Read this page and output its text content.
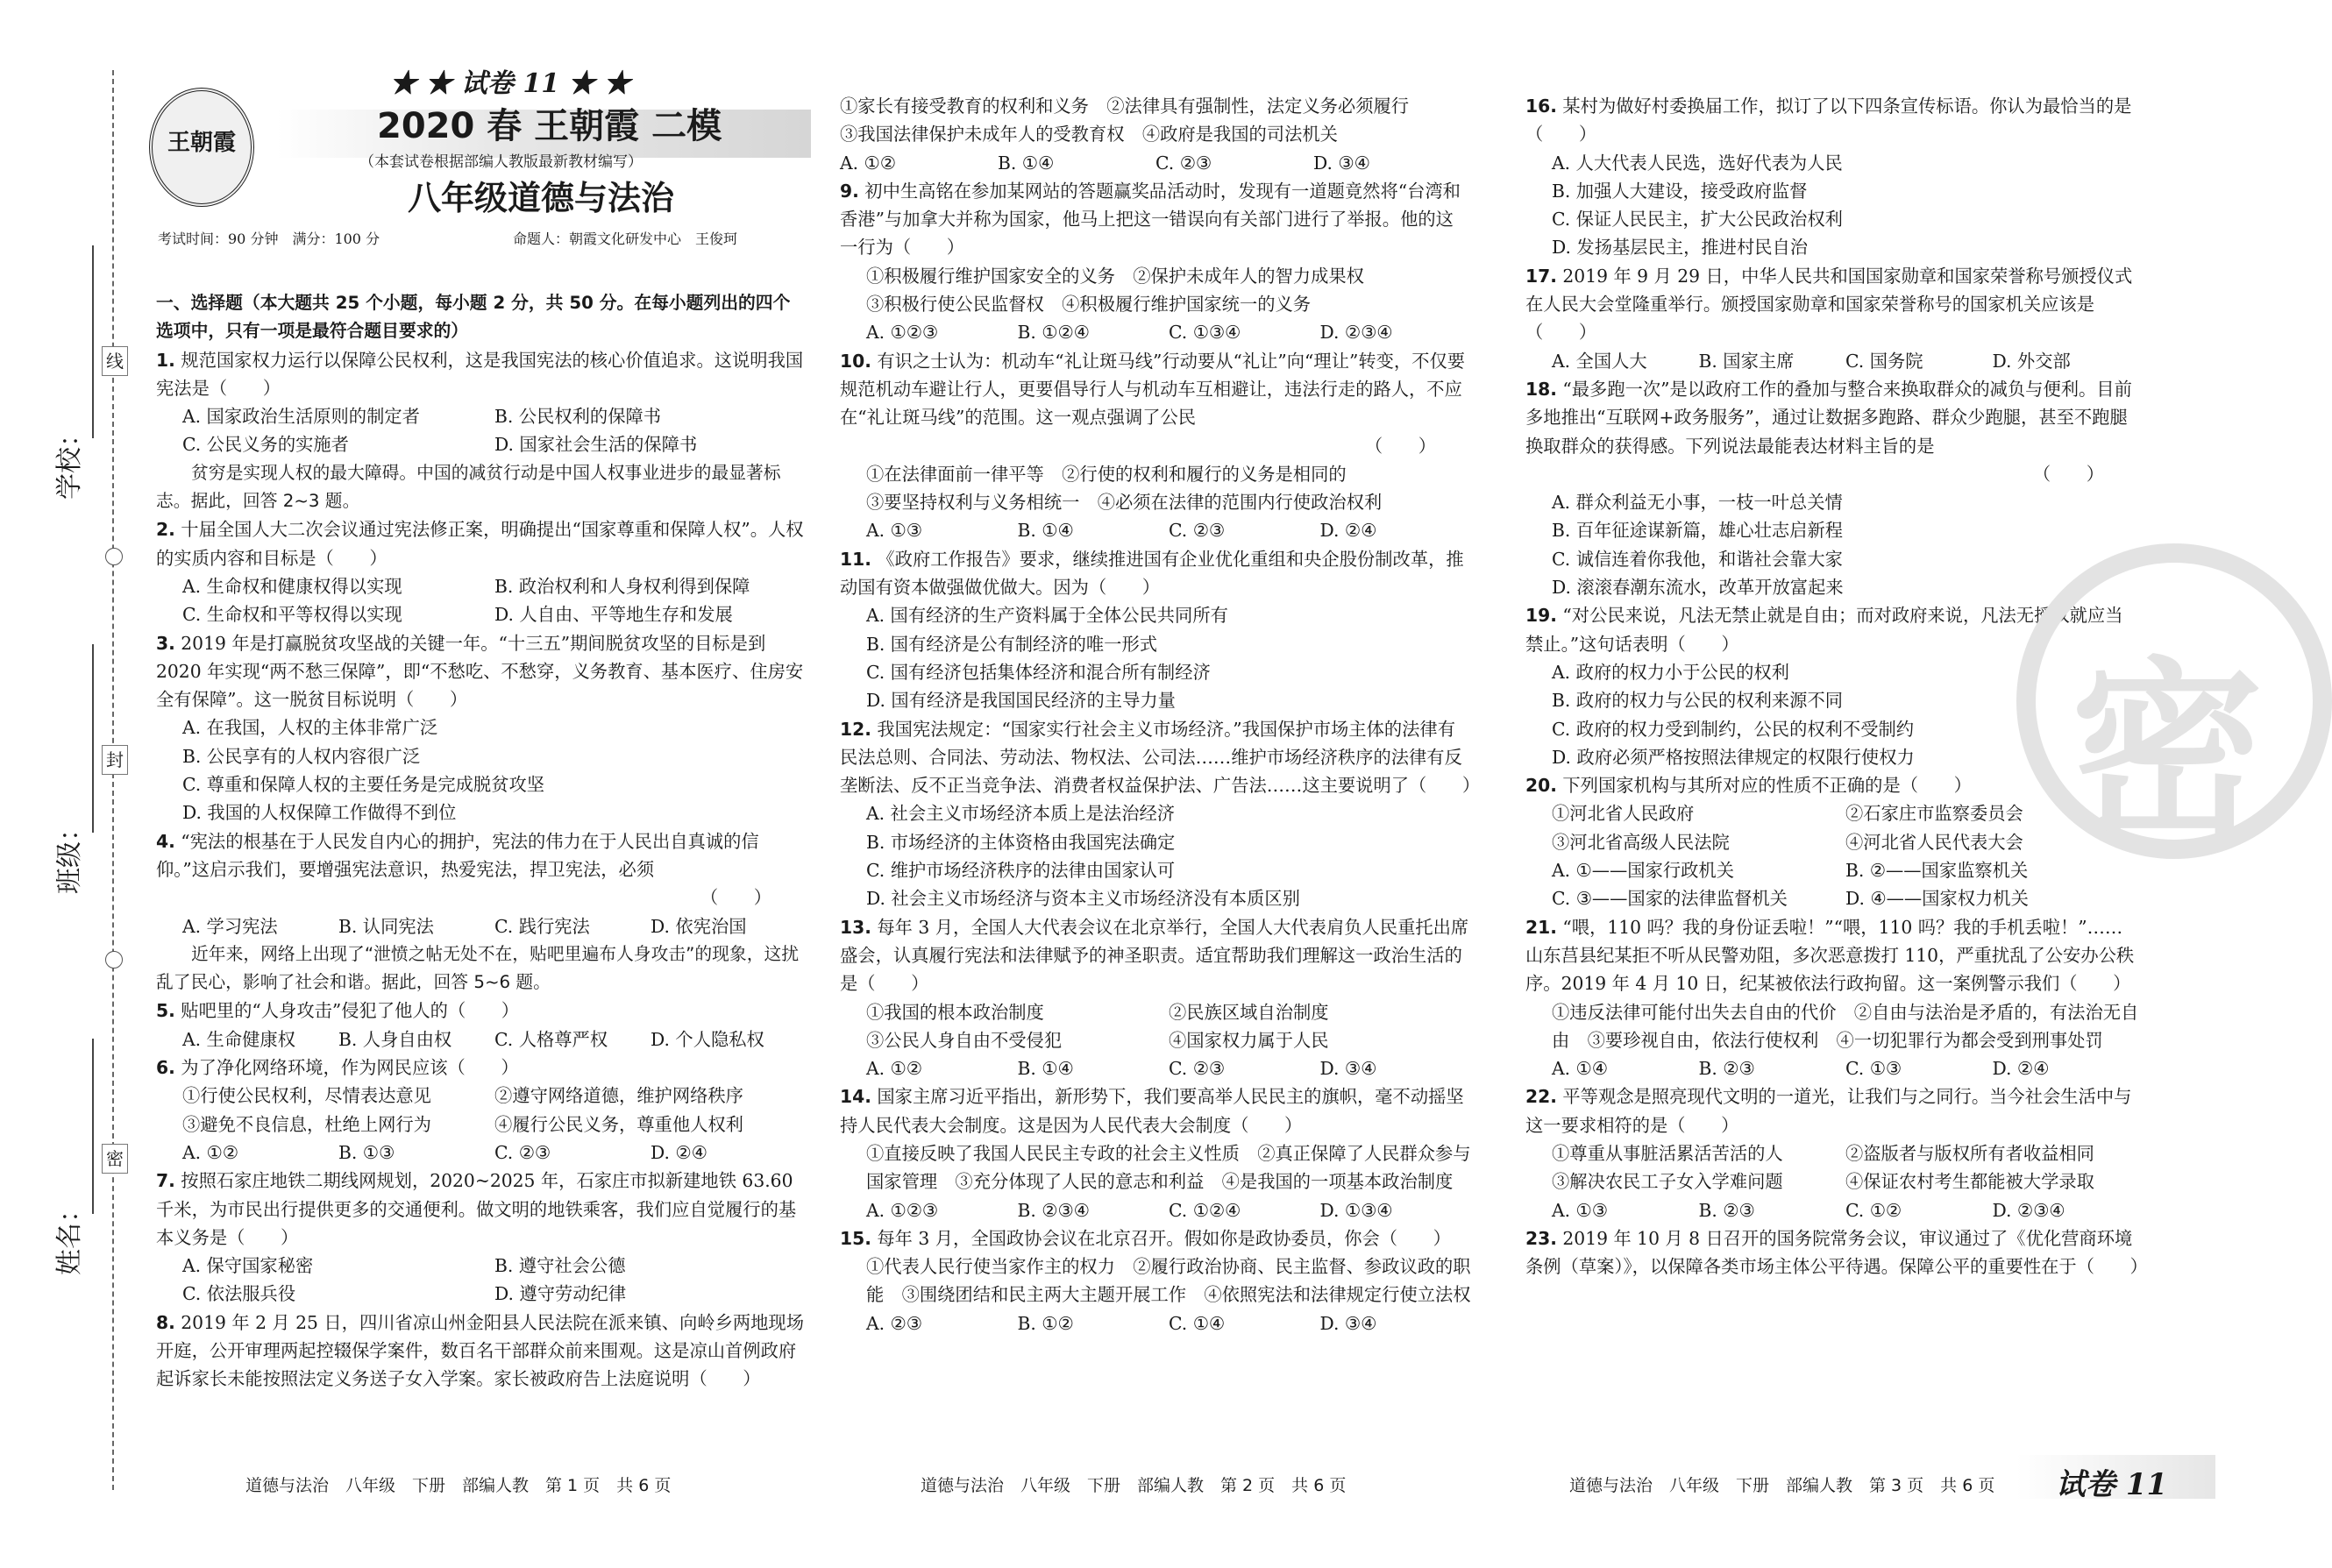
线
封
密
学校：
班级：
姓名：
王朝霞
★ ★ 试卷 11 ★ ★
2020 春 王朝霞 二模
（本套试卷根据部编人教版最新教材编写）
八年级道德与法治
考试时间：90 分钟　满分：100 分	命题人：朝霞文化研发中心　王俊珂

一、选择题（本大题共 25 个小题，每小题 2 分，共 50 分。在每小题列出的四个选项中，只有一项是最符合题目要求的）

1. 规范国家权力运行以保障公民权利，这是我国宪法的核心价值追求。这说明我国宪法是（　　）

A. 国家政治生活原则的制定者	B. 公民权利的保障书
C. 公民义务的实施者	D. 国家社会生活的保障书

贫穷是实现人权的最大障碍。中国的减贫行动是中国人权事业进步的最显著标志。据此，回答 2~3 题。

2. 十届全国人大二次会议通过宪法修正案，明确提出“国家尊重和保障人权”。人权的实质内容和目标是（　　）

A. 生命权和健康权得以实现	B. 政治权利和人身权利得到保障
C. 生命权和平等权得以实现	D. 人自由、平等地生存和发展

3. 2019 年是打赢脱贫攻坚战的关键一年。“十三五”期间脱贫攻坚的目标是到 2020 年实现“两不愁三保障”，即“不愁吃、不愁穿，义务教育、基本医疗、住房安全有保障”。这一脱贫目标说明（　　）

A. 在我国，人权的主体非常广泛

B. 公民享有的人权内容很广泛

C. 尊重和保障人权的主要任务是完成脱贫攻坚

D. 我国的人权保障工作做得不到位

4. “宪法的根基在于人民发自内心的拥护，宪法的伟力在于人民出自真诚的信仰。”这启示我们，要增强宪法意识，热爱宪法，捍卫宪法，必须
（　　）

A. 学习宪法	B. 认同宪法	C. 践行宪法	D. 依宪治国

近年来，网络上出现了“泄愤之帖无处不在，贴吧里遍布人身攻击”的现象，这扰乱了民心，影响了社会和谐。据此，回答 5~6 题。

5. 贴吧里的“人身攻击”侵犯了他人的（　　）

A. 生命健康权	B. 人身自由权	C. 人格尊严权	D. 个人隐私权

6. 为了净化网络环境，作为网民应该（　　）

①行使公民权利，尽情表达意见	②遵守网络道德，维护网络秩序
③避免不良信息，杜绝上网行为	④履行公民义务，尊重他人权利
A. ①②	B. ①③	C. ②③	D. ②④

7. 按照石家庄地铁二期线网规划，2020~2025 年，石家庄市拟新建地铁 63.60 千米，为市民出行提供更多的交通便利。做文明的地铁乘客，我们应自觉履行的基本义务是（　　）

A. 保守国家秘密	B. 遵守社会公德
C. 依法服兵役	D. 遵守劳动纪律

8. 2019 年 2 月 25 日，四川省凉山州金阳县人民法院在派来镇、向岭乡两地现场开庭，公开审理两起控辍保学案件，数百名干部群众前来围观。这是凉山首例政府起诉家长未能按照法定义务送子女入学案。家长被政府告上法庭说明（　　）

①家长有接受教育的权利和义务　 ②法律具有强制性，法定义务必须履行

③我国法律保护未成年人的受教育权　 ④政府是我国的司法机关

A. ①②	B. ①④	C. ②③	D. ③④

9. 初中生高铭在参加某网站的答题赢奖品活动时，发现有一道题竟然将“台湾和香港”与加拿大并称为国家，他马上把这一错误向有关部门进行了举报。他的这一行为（　　）

①积极履行维护国家安全的义务　 ②保护未成年人的智力成果权

③积极行使公民监督权　 ④积极履行维护国家统一的义务

A. ①②③	B. ①②④	C. ①③④	D. ②③④

10. 有识之士认为：机动车“礼让斑马线”行动要从“礼让”向“理让”转变，不仅要规范机动车避让行人，更要倡导行人与机动车互相避让，违法行走的路人，不应在“礼让斑马线”的范围。这一观点强调了公民
（　　）

①在法律面前一律平等　 ②行使的权利和履行的义务是相同的

③要坚持权利与义务相统一　 ④必须在法律的范围内行使政治权利

A. ①③	B. ①④	C. ②③	D. ②④

11. 《政府工作报告》要求，继续推进国有企业优化重组和央企股份制改革，推动国有资本做强做优做大。因为（　　）

A. 国有经济的生产资料属于全体公民共同所有

B. 国有经济是公有制经济的唯一形式

C. 国有经济包括集体经济和混合所有制经济

D. 国有经济是我国国民经济的主导力量

12. 我国宪法规定：“国家实行社会主义市场经济。”我国保护市场主体的法律有民法总则、合同法、劳动法、物权法、公司法……维护市场经济秩序的法律有反垄断法、反不正当竞争法、消费者权益保护法、广告法……这主要说明了（　　）

A. 社会主义市场经济本质上是法治经济

B. 市场经济的主体资格由我国宪法确定

C. 维护市场经济秩序的法律由国家认可

D. 社会主义市场经济与资本主义市场经济没有本质区别

13. 每年 3 月，全国人大代表会议在北京举行，全国人大代表肩负人民重托出席盛会，认真履行宪法和法律赋予的神圣职责。适宜帮助我们理解这一政治生活的是（　　）

①我国的根本政治制度	②民族区域自治制度
③公民人身自由不受侵犯	④国家权力属于人民
A. ①②	B. ①④	C. ②③	D. ③④

14. 国家主席习近平指出，新形势下，我们要高举人民民主的旗帜，毫不动摇坚持人民代表大会制度。这是因为人民代表大会制度（　　）

①直接反映了我国人民民主专政的社会主义性质　②真正保障了人民群众参与国家管理　③充分体现了人民的意志和利益　④是我国的一项基本政治制度

A. ①②③	B. ②③④	C. ①②④	D. ①③④

15. 每年 3 月，全国政协会议在北京召开。假如你是政协委员，你会（　　）

①代表人民行使当家作主的权力　②履行政治协商、民主监督、参政议政的职能　③围绕团结和民主两大主题开展工作　④依照宪法和法律规定行使立法权

A. ②③	B. ①②	C. ①④	D. ③④

16. 某村为做好村委换届工作，拟订了以下四条宣传标语。你认为最恰当的是（　　）

A. 人大代表人民选，选好代表为人民

B. 加强人大建设，接受政府监督

C. 保证人民民主，扩大公民政治权利

D. 发扬基层民主，推进村民自治

17. 2019 年 9 月 29 日，中华人民共和国国家勋章和国家荣誉称号颁授仪式在人民大会堂隆重举行。颁授国家勋章和国家荣誉称号的国家机关应该是（　　）

A. 全国人大	B. 国家主席	C. 国务院	D. 外交部

18. “最多跑一次”是以政府工作的叠加与整合来换取群众的减负与便利。目前多地推出“互联网+政务服务”，通过让数据多跑路、群众少跑腿，甚至不跑腿换取群众的获得感。下列说法最能表达材料主旨的是
（　　）

A. 群众利益无小事，一枝一叶总关情

B. 百年征途谋新篇，雄心壮志启新程

C. 诚信连着你我他，和谐社会靠大家

D. 滚滚春潮东流水，改革开放富起来

19. “对公民来说，凡法无禁止就是自由；而对政府来说，凡法无授权就应当禁止。”这句话表明（　　）

A. 政府的权力小于公民的权利

B. 政府的权力与公民的权利来源不同

C. 政府的权力受到制约，公民的权利不受制约

D. 政府必须严格按照法律规定的权限行使权力

20. 下列国家机构与其所对应的性质不正确的是（　　）

①河北省人民政府	②石家庄市监察委员会
③河北省高级人民法院	④河北省人民代表大会
A. ①——国家行政机关	B. ②——国家监察机关
C. ③——国家的法律监督机关	D. ④——国家权力机关

21. “喂，110 吗？我的身份证丢啦！”“喂，110 吗？我的手机丢啦！”……山东莒县纪某拒不听从民警劝阻，多次恶意拨打 110，严重扰乱了公安办公秩序。2019 年 4 月 10 日，纪某被依法行政拘留。这一案例警示我们（　　）

①违反法律可能付出失去自由的代价　②自由与法治是矛盾的，有法治无自由　③要珍视自由，依法行使权利　④一切犯罪行为都会受到刑事处罚

A. ①④	B. ②③	C. ①③	D. ②④

22. 平等观念是照亮现代文明的一道光，让我们与之同行。当今社会生活中与这一要求相符的是（　　）

①尊重从事脏活累活苦活的人	②盗版者与版权所有者收益相同
③解决农民工子女入学难问题	④保证农村考生都能被大学录取
A. ①③	B. ②③	C. ①②	D. ②③④

23. 2019 年 10 月 8 日召开的国务院常务会议，审议通过了《优化营商环境条例（草案）》，以保障各类市场主体公平待遇。保障公平的重要性在于（　　）

密
道德与法治　八年级　下册　部编人教　第 1 页　共 6 页	道德与法治　八年级　下册　部编人教　第 2 页　共 6 页	道德与法治　八年级　下册　部编人教　第 3 页　共 6 页 试卷 11
